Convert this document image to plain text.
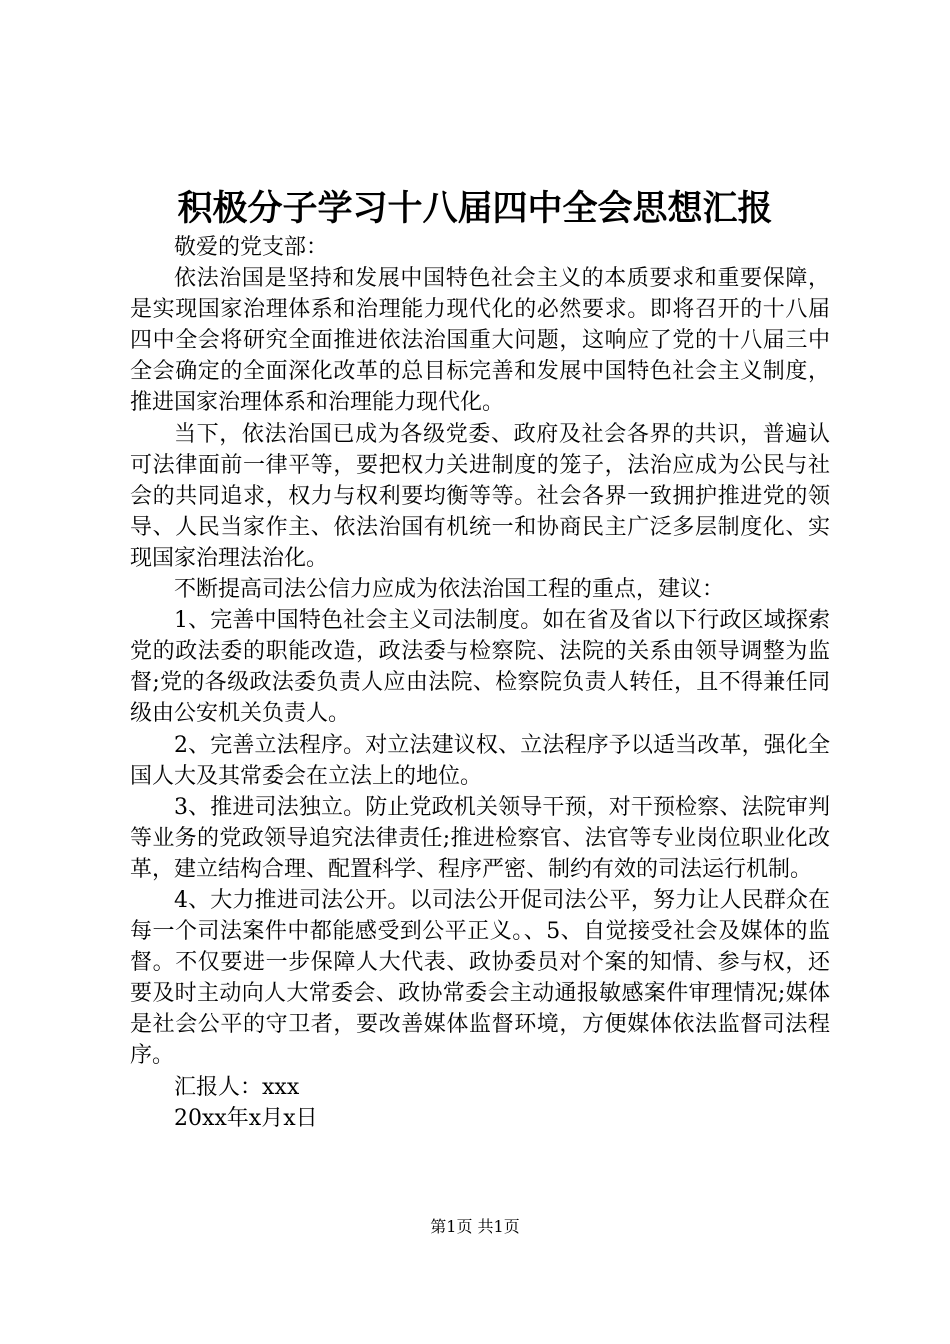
积极分子学习十八届四中全会思想汇报

敬爱的党支部：

依法治国是坚持和发展中国特色社会主义的本质要求和重要保障，是实现国家治理体系和治理能力现代化的必然要求。即将召开的十八届四中全会将研究全面推进依法治国重大问题，这响应了党的十八届三中全会确定的全面深化改革的总目标完善和发展中国特色社会主义制度，推进国家治理体系和治理能力现代化。

当下，依法治国已成为各级党委、政府及社会各界的共识，普遍认可法律面前一律平等，要把权力关进制度的笼子，法治应成为公民与社会的共同追求，权力与权利要均衡等等。社会各界一致拥护推进党的领导、人民当家作主、依法治国有机统一和协商民主广泛多层制度化、实现国家治理法治化。

不断提高司法公信力应成为依法治国工程的重点，建议：

1、完善中国特色社会主义司法制度。如在省及省以下行政区域探索党的政法委的职能改造，政法委与检察院、法院的关系由领导调整为监督;党的各级政法委负责人应由法院、检察院负责人转任，且不得兼任同级由公安机关负责人。

2、完善立法程序。对立法建议权、立法程序予以适当改革，强化全国人大及其常委会在立法上的地位。

3、推进司法独立。防止党政机关领导干预，对干预检察、法院审判等业务的党政领导追究法律责任;推进检察官、法官等专业岗位职业化改革，建立结构合理、配置科学、程序严密、制约有效的司法运行机制。

4、大力推进司法公开。以司法公开促司法公平，努力让人民群众在每一个司法案件中都能感受到公平正义。、5、自觉接受社会及媒体的监督。不仅要进一步保障人大代表、政协委员对个案的知情、参与权，还要及时主动向人大常委会、政协常委会主动通报敏感案件审理情况;媒体是社会公平的守卫者，要改善媒体监督环境，方便媒体依法监督司法程序。

汇报人：xxx

20xx年x月x日

第1页 共1页
